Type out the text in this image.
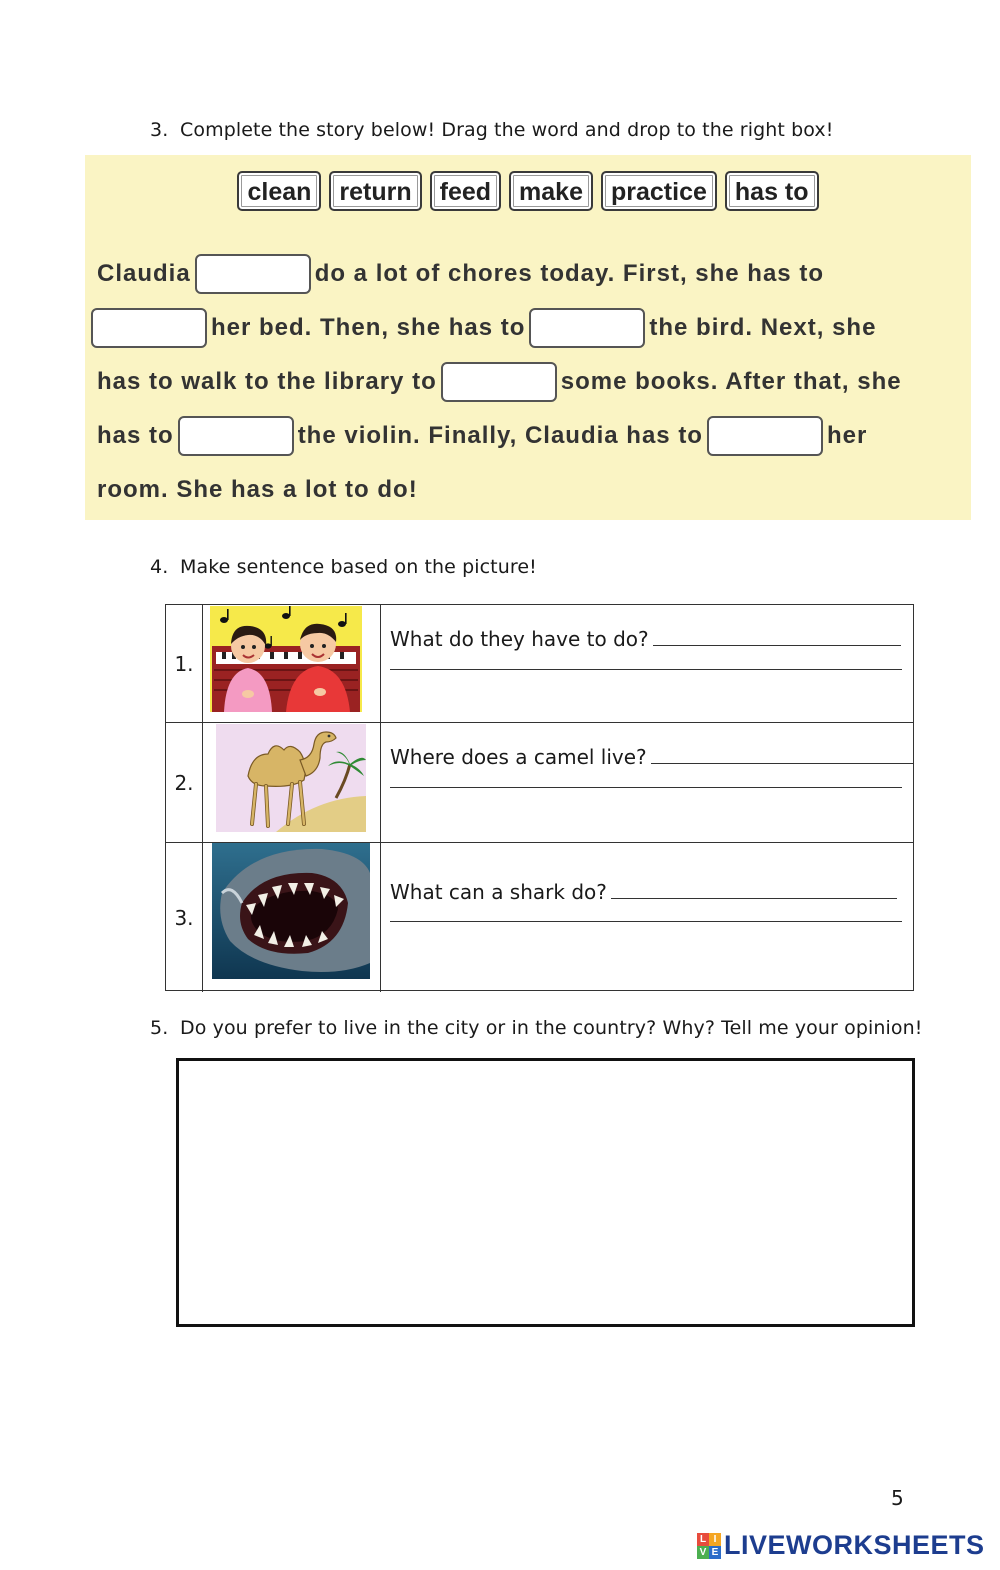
3. Complete the story below! Drag the word and drop to the right box!
clean	return	feed	make	practice	has to
Claudia	do a lot of chores today. First, she has to
her bed. Then, she has to	the bird. Next, she
has to walk to the library to	some books. After that, she
has to	the violin. Finally, Claudia has to	her
room. She has a lot to do!
4. Make sentence based on the picture!
1.
What do they have to do?
2.
Where does a camel live?
3.
What can a shark do?
5. Do you prefer to live in the city or in the country? Why? Tell me your opinion!
5
L I
V E LIVEWORKSHEETS
